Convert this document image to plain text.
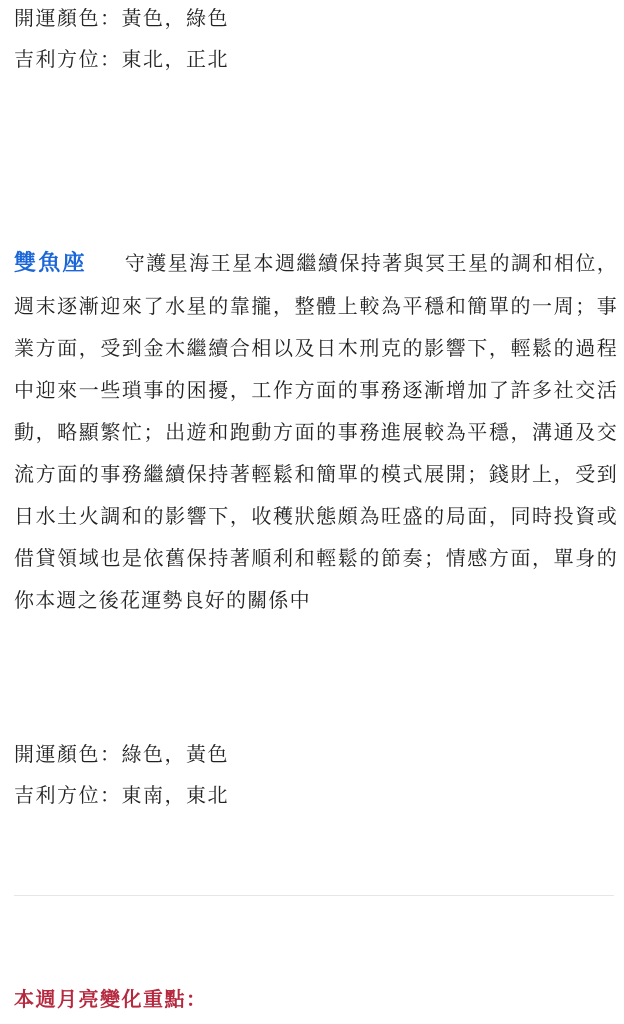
開運顏色：黃色，綠色
吉利方位：東北，正北

雙魚座 守護星海王星本週繼續保持著與冥王星的調和相位，週末逐漸迎來了水星的靠攏，整體上較為平穩和簡單的一周；事業方面，受到金木繼續合相以及日木刑克的影響下，輕鬆的過程中迎來一些瑣事的困擾，工作方面的事務逐漸增加了許多社交活動，略顯繁忙；出遊和跑動方面的事務進展較為平穩，溝通及交流方面的事務繼續保持著輕鬆和簡單的模式展開；錢財上，受到日水土火調和的影響下，收穫狀態頗為旺盛的局面，同時投資或借貸領域也是依舊保持著順利和輕鬆的節奏；情感方面，單身的你本週之後花運勢良好的關係中

開運顏色：綠色，黃色
吉利方位：東南，東北
本週月亮變化重點：
